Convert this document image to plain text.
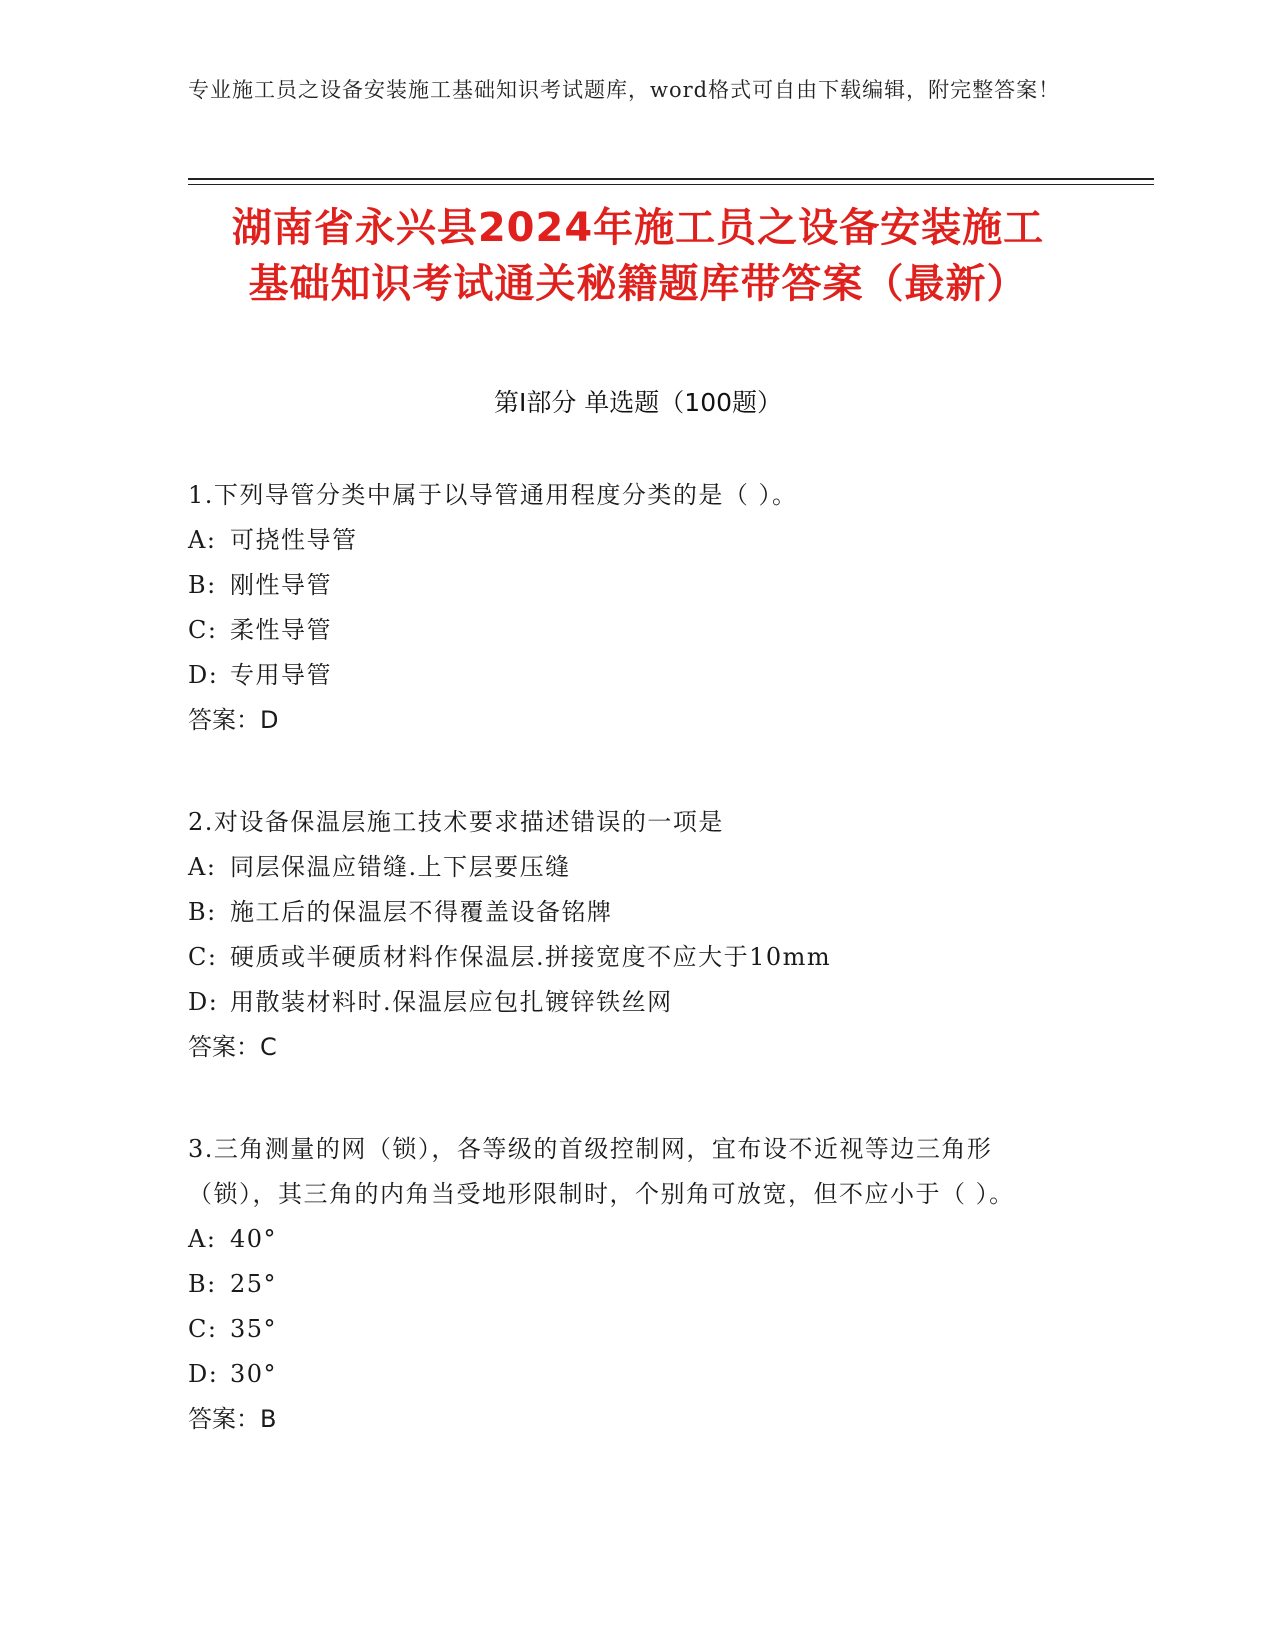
专业施工员之设备安装施工基础知识考试题库，word格式可自由下载编辑，附完整答案！
湖南省永兴县2024年施工员之设备安装施工
基础知识考试通关秘籍题库带答案（最新）
第Ⅰ部分 单选题（100题）

1.下列导管分类中属于以导管通用程度分类的是（ ）。

A: 可挠性导管

B: 刚性导管

C: 柔性导管

D: 专用导管

答案：D

2.对设备保温层施工技术要求描述错误的一项是

A: 同层保温应错缝.上下层要压缝

B: 施工后的保温层不得覆盖设备铭牌

C: 硬质或半硬质材料作保温层.拼接宽度不应大于10mm

D: 用散装材料时.保温层应包扎镀锌铁丝网

答案：C

3.三角测量的网（锁），各等级的首级控制网，宜布设不近视等边三角形（锁），其三角的内角当受地形限制时，个别角可放宽，但不应小于（ ）。

A: 40°

B: 25°

C: 35°

D: 30°

答案：B
